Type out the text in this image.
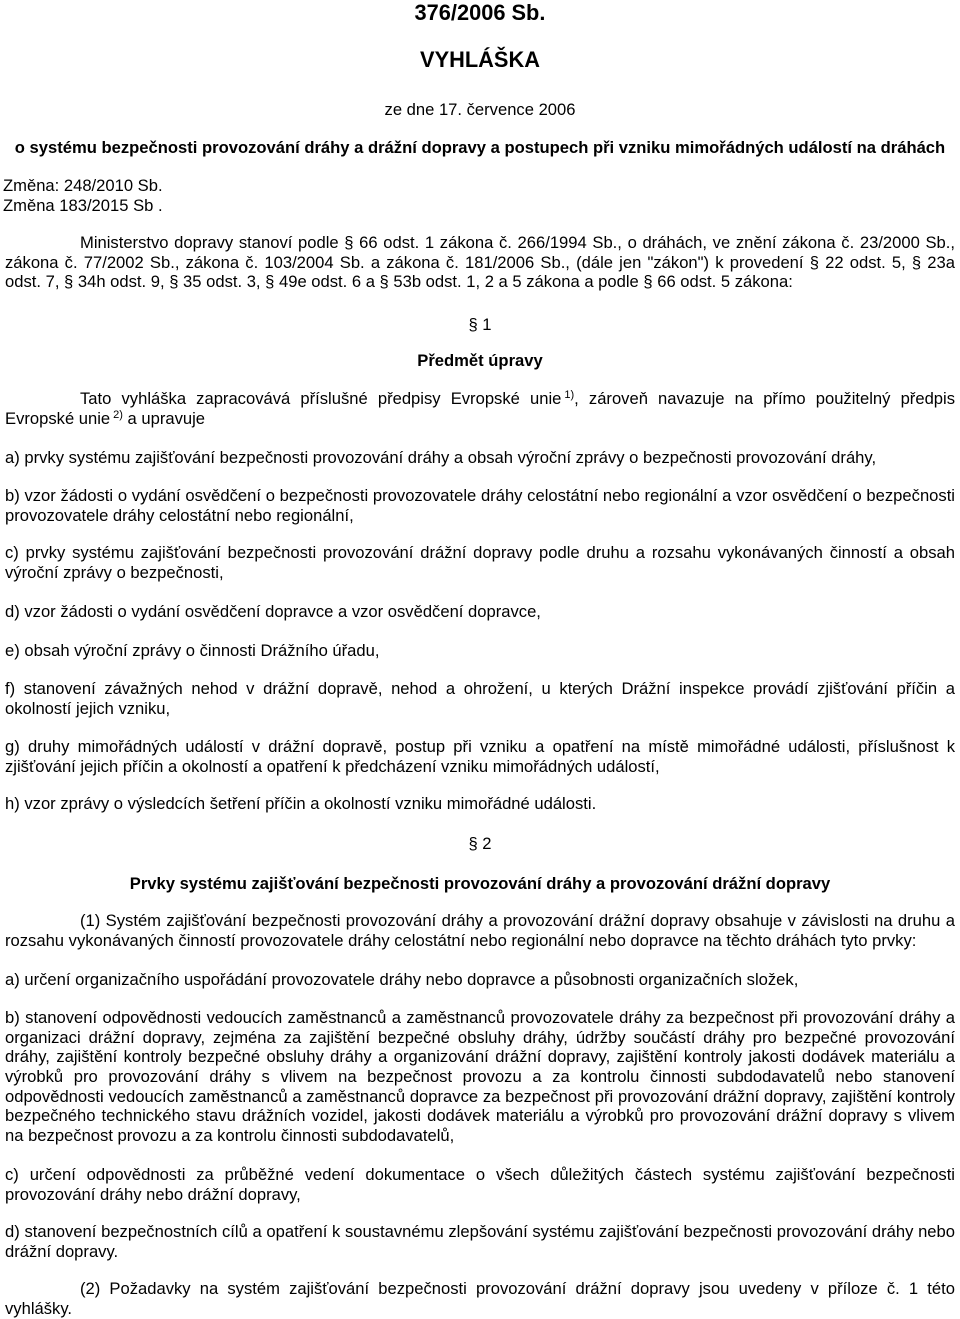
376/2006 Sb.
VYHLÁŠKA
ze dne 17. července 2006
o systému bezpečnosti provozování dráhy a drážní dopravy a postupech při vzniku mimořádných událostí na dráhách
Změna: 248/2010 Sb.
Změna 183/2015 Sb .
Ministerstvo dopravy stanoví podle § 66 odst. 1 zákona č. 266/1994 Sb., o dráhách, ve znění zákona č. 23/2000 Sb., zákona č. 77/2002 Sb., zákona č. 103/2004 Sb. a zákona č. 181/2006 Sb., (dále jen "zákon") k provedení § 22 odst. 5, § 23a odst. 7, § 34h odst. 9, § 35 odst. 3, § 49e odst. 6 a § 53b odst. 1, 2 a 5 zákona a podle § 66 odst. 5 zákona:
§ 1
Předmět úpravy
Tato vyhláška zapracovává příslušné předpisy Evropské unie $^{1)}$, zároveň navazuje na přímo použitelný předpis Evropské unie $^{2)}$ a upravuje
a) prvky systému zajišťování bezpečnosti provozování dráhy a obsah výroční zprávy o bezpečnosti provozování dráhy,
b) vzor žádosti o vydání osvědčení o bezpečnosti provozovatele dráhy celostátní nebo regionální a vzor osvědčení o bezpečnosti provozovatele dráhy celostátní nebo regionální,
c) prvky systému zajišťování bezpečnosti provozování drážní dopravy podle druhu a rozsahu vykonávaných činností a obsah výroční zprávy o bezpečnosti,
d) vzor žádosti o vydání osvědčení dopravce a vzor osvědčení dopravce,
e) obsah výroční zprávy o činnosti Drážního úřadu,
f) stanovení závažných nehod v drážní dopravě, nehod a ohrožení, u kterých Drážní inspekce provádí zjišťování příčin a okolností jejich vzniku,
g) druhy mimořádných událostí v drážní dopravě, postup při vzniku a opatření na místě mimořádné události, příslušnost k zjišťování jejich příčin a okolností a opatření k předcházení vzniku mimořádných událostí,
h) vzor zprávy o výsledcích šetření příčin a okolností vzniku mimořádné události.
§ 2
Prvky systému zajišťování bezpečnosti provozování dráhy a provozování drážní dopravy
(1) Systém zajišťování bezpečnosti provozování dráhy a provozování drážní dopravy obsahuje v závislosti na druhu a rozsahu vykonávaných činností provozovatele dráhy celostátní nebo regionální nebo dopravce na těchto dráhách tyto prvky:
a) určení organizačního uspořádání provozovatele dráhy nebo dopravce a působnosti organizačních složek,
b) stanovení odpovědnosti vedoucích zaměstnanců a zaměstnanců provozovatele dráhy za bezpečnost při provozování dráhy a organizaci drážní dopravy, zejména za zajištění bezpečné obsluhy dráhy, údržby součástí dráhy pro bezpečné provozování dráhy, zajištění kontroly bezpečné obsluhy dráhy a organizování drážní dopravy, zajištění kontroly jakosti dodávek materiálu a výrobků pro provozování dráhy s vlivem na bezpečnost provozu a za kontrolu činnosti subdodavatelů nebo stanovení odpovědnosti vedoucích zaměstnanců a zaměstnanců dopravce za bezpečnost při provozování drážní dopravy, zajištění kontroly bezpečného technického stavu drážních vozidel, jakosti dodávek materiálu a výrobků pro provozování drážní dopravy s vlivem na bezpečnost provozu a za kontrolu činnosti subdodavatelů,
c) určení odpovědnosti za průběžné vedení dokumentace o všech důležitých částech systému zajišťování bezpečnosti provozování dráhy nebo drážní dopravy,
d) stanovení bezpečnostních cílů a opatření k soustavnému zlepšování systému zajišťování bezpečnosti provozování dráhy nebo drážní dopravy.
(2) Požadavky na systém zajišťování bezpečnosti provozování drážní dopravy jsou uvedeny v příloze č. 1 této vyhlášky.
